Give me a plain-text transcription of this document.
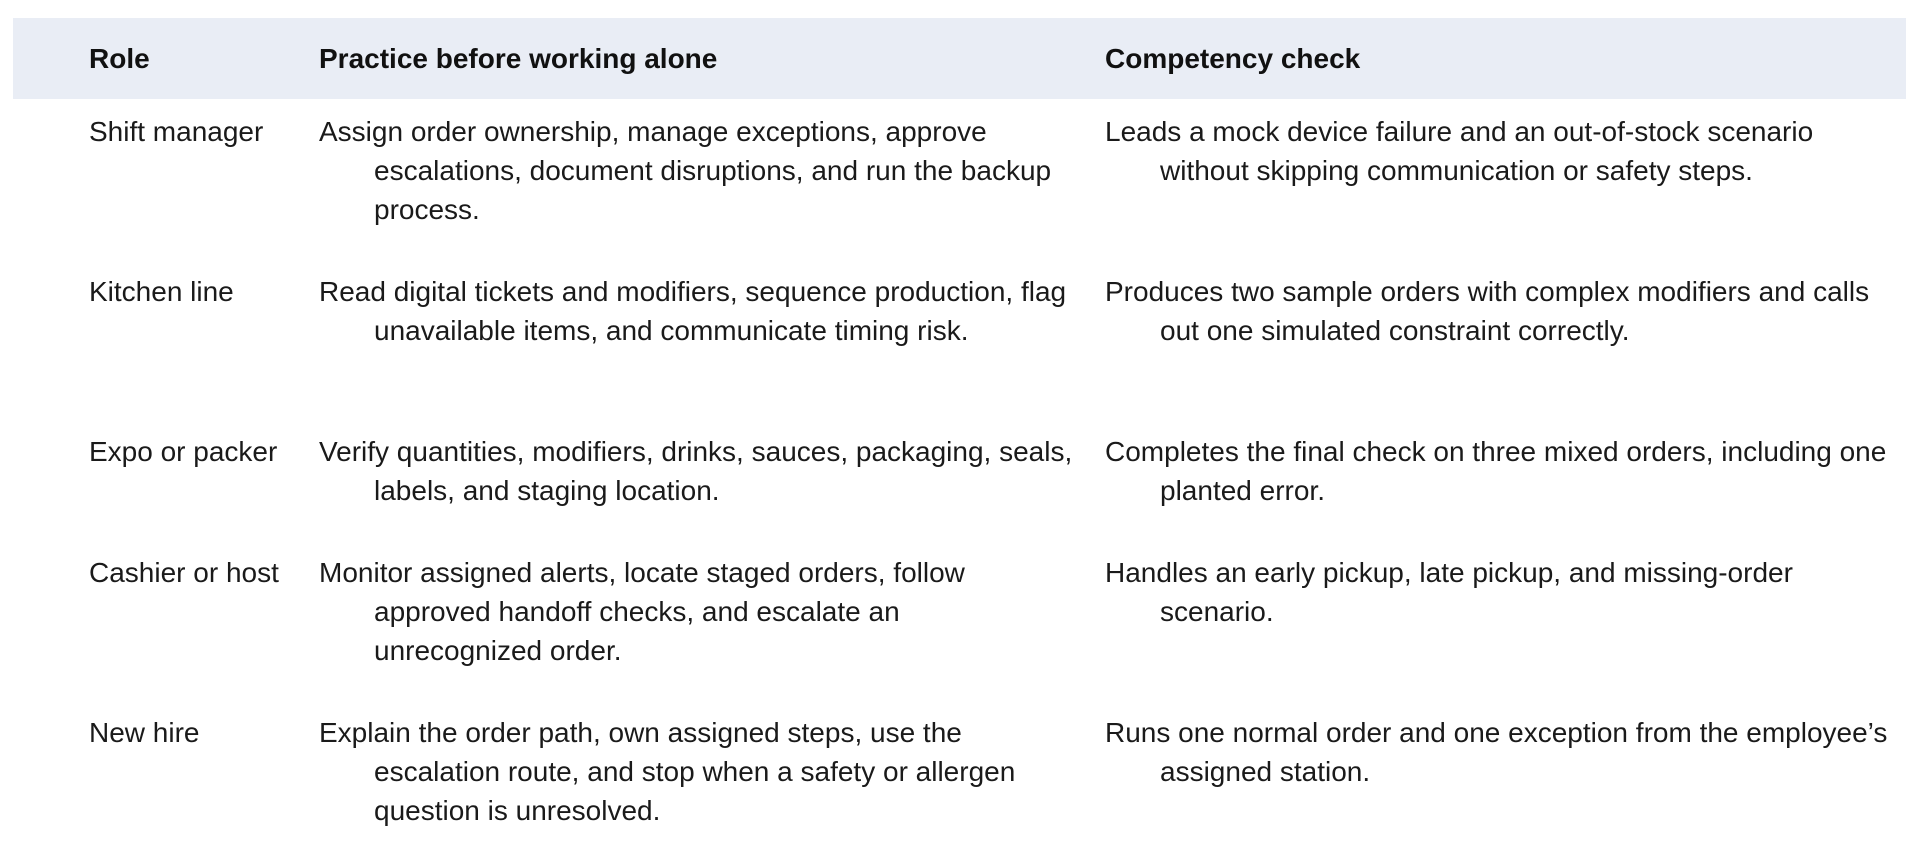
Role	Practice before working alone	Competency check
Shift manager	Assign order ownership, manage exceptions, approve escalations, document disruptions, and run the backup process.	Leads a mock device failure and an out-of-stock scenario without skipping communication or safety steps.

Kitchen line	Read digital tickets and modifiers, sequence production, flag unavailable items, and communicate timing risk.	Produces two sample orders with complex modifiers and calls out one simulated constraint correctly.

Expo or packer	Verify quantities, modifiers, drinks, sauces, packaging, seals, labels, and staging location.	Completes the final check on three mixed orders, including one planted error.

Cashier or host	Monitor assigned alerts, locate staged orders, follow approved handoff checks, and escalate an unrecognized order.	Handles an early pickup, late pickup, and missing-order scenario.

New hire	Explain the order path, own assigned steps, use the escalation route, and stop when a safety or allergen question is unresolved.	Runs one normal order and one exception from the employee’s assigned station.
